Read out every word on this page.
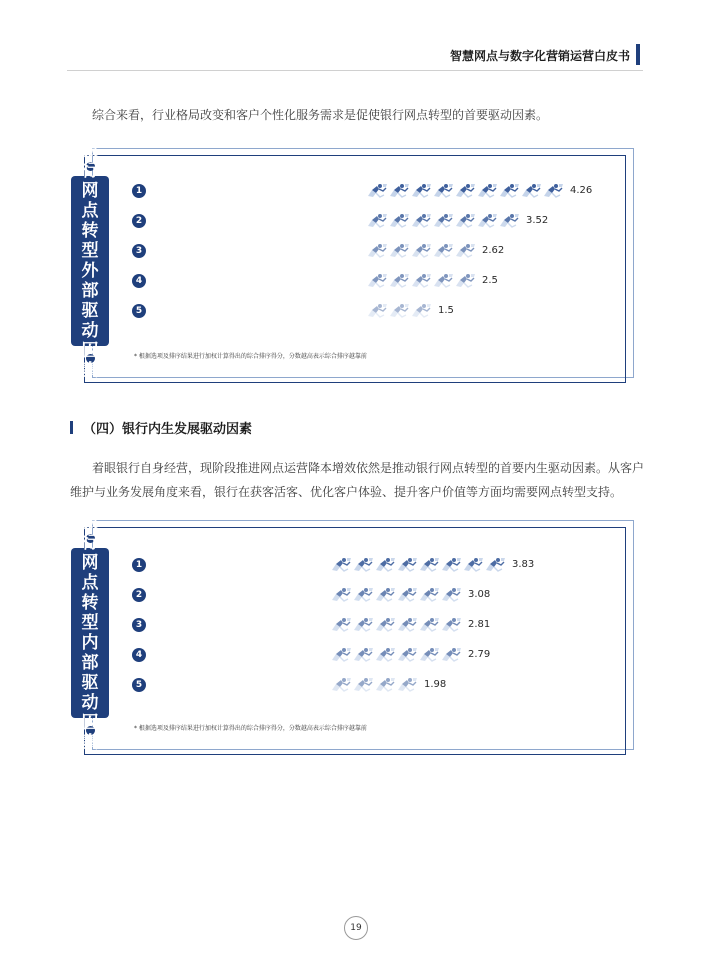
智慧网点与数字化营销运营白皮书
综合来看，行业格局改变和客户个性化服务需求是促使银行网点转型的首要驱动因素。
银
行
网
点
转
型
外
部
驱
动
因
素
1	4.26
2	3.52
3	2.62
4	2.5
5	1.5
* 根据选项及排序结果进行加权计算得出的综合排序得分，分数越高表示综合排序越靠前
（四）银行内生发展驱动因素
着眼银行自身经营，现阶段推进网点运营降本增效依然是推动银行网点转型的首要内生驱动因素。从客户维护与业务发展角度来看，银行在获客活客、优化客户体验、提升客户价值等方面均需要网点转型支持。
银
行
网
点
转
型
内
部
驱
动
因
素
1	3.83
2	3.08
3	2.81
4	2.79
5	1.98
* 根据选项及排序结果进行加权计算得出的综合排序得分，分数越高表示综合排序越靠前
19
